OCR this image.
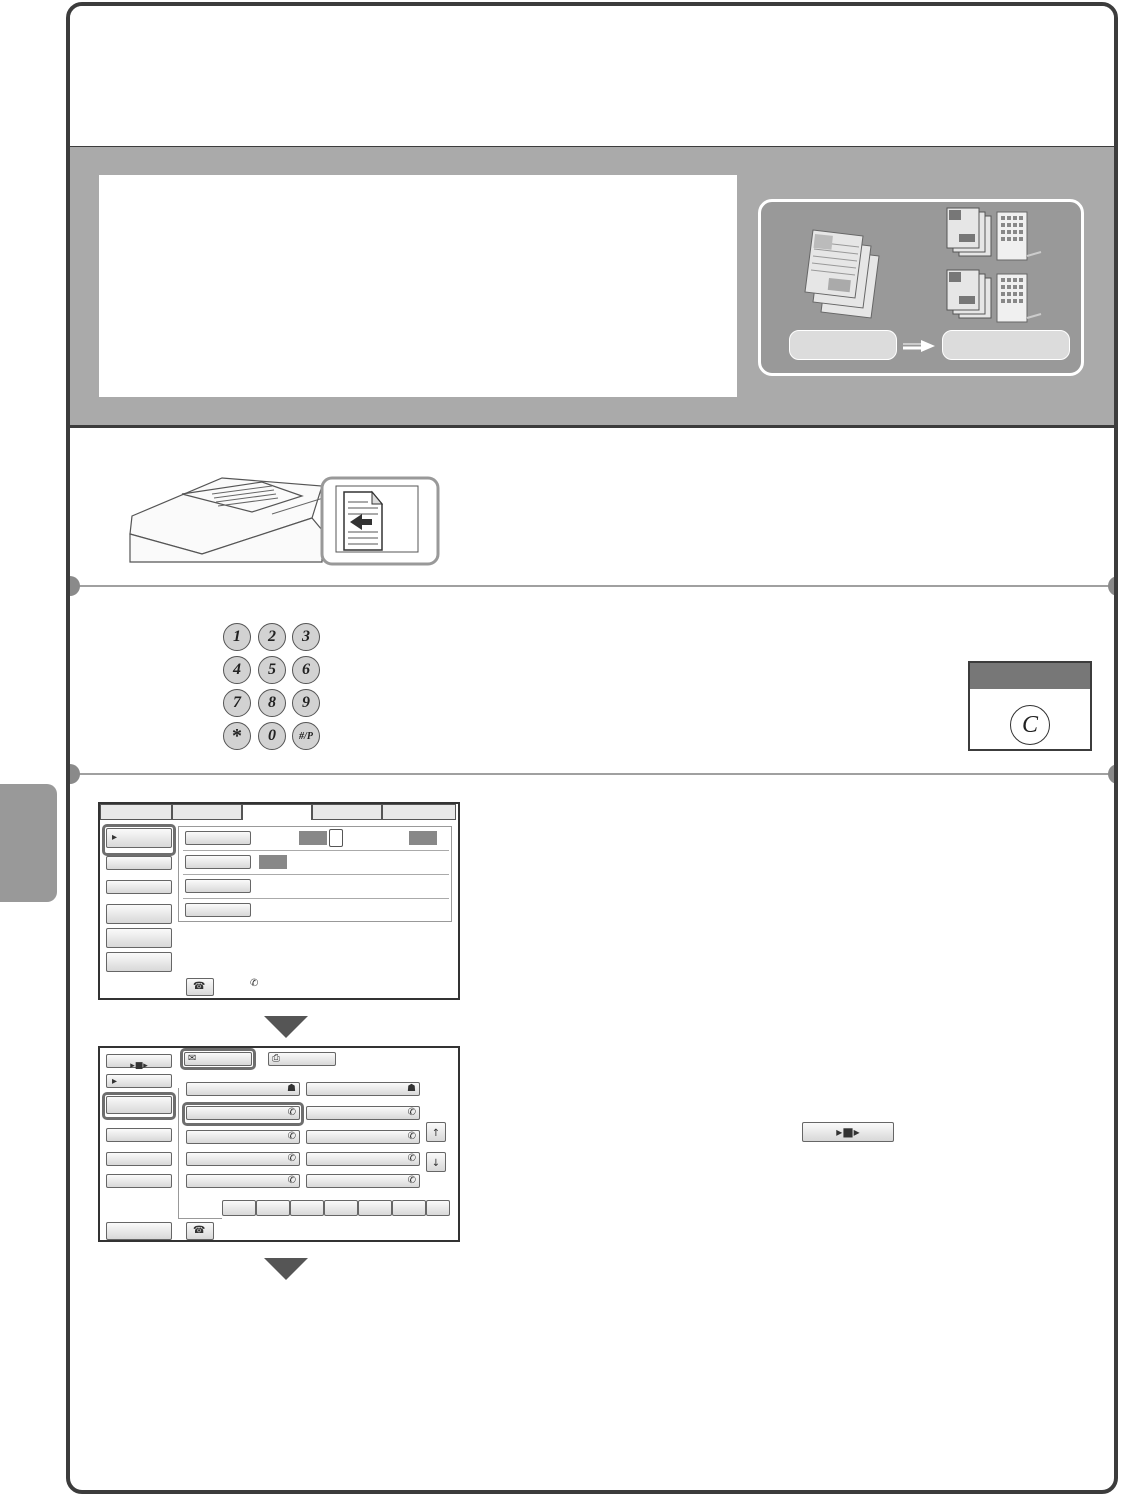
1	2	3
4	5	6
7	8	9
*	0	#/P	C
▸
☎	✆
▸■▸
▸
✉	⎙
☗	☗
✆	✆
✆	✆
✆	✆
✆	✆
↑
↓
☎
▸■▸
